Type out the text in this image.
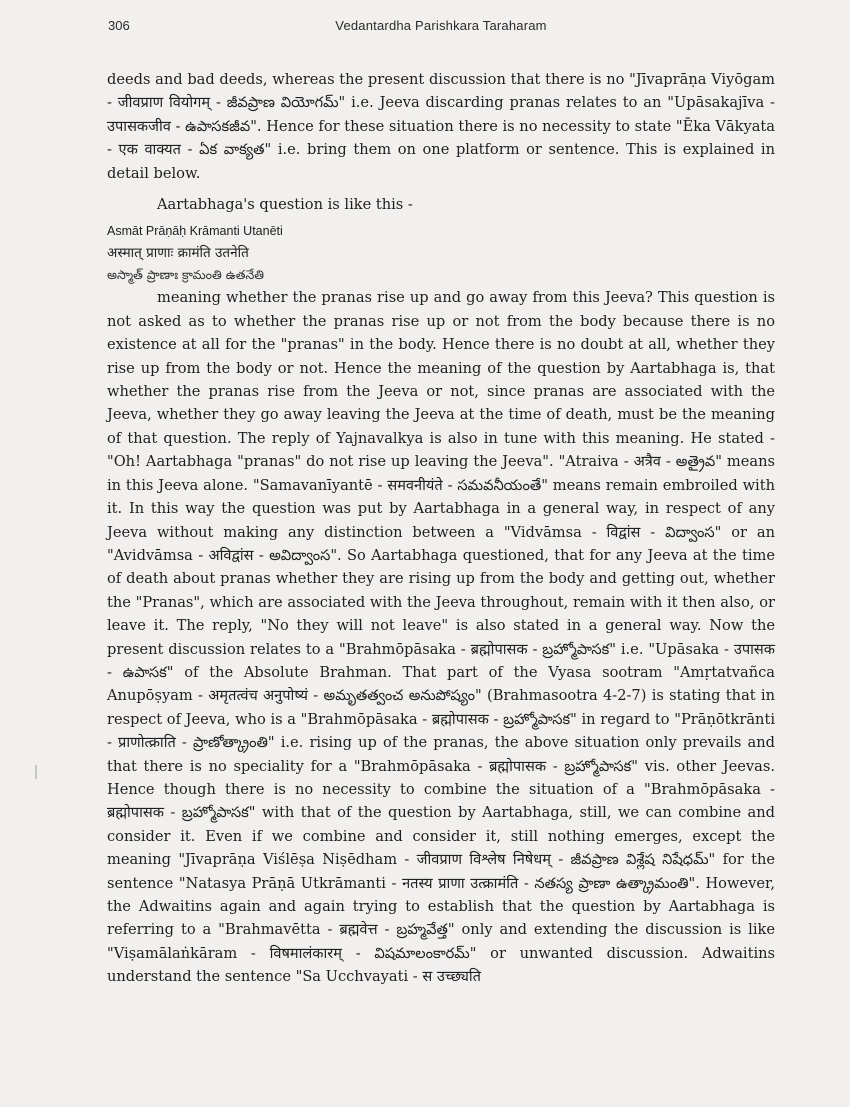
306	Vedantardha Parishkara Taraharam

deeds and bad deeds, whereas the present discussion that there is no "Jīvaprāṇa Viyōgam - जीवप्राण वियोगम् - జీవప్రాణ వియోగమ్" i.e. Jeeva discarding pranas relates to an "Upāsakajīva - उपासकजीव - ఉపాసకజీవ". Hence for these situation there is no necessity to state "Ēka Vākyata - एक वाक्यत - ఏక వాక్యత" i.e. bring them on one platform or sentence. This is explained in detail below.

Aartabhaga's question is like this -

Asmāt Prāṇāḥ Krāmanti Utanēti
अस्मात् प्राणाः क्रामंति उतनेति
అస్మాత్ ప్రాణాః క్రామంతి ఉతనేతి

meaning whether the pranas rise up and go away from this Jeeva? This question is not asked as to whether the pranas rise up or not from the body because there is no existence at all for the "pranas" in the body. Hence there is no doubt at all, whether they rise up from the body or not. Hence the meaning of the question by Aartabhaga is, that whether the pranas rise from the Jeeva or not, since pranas are associated with the Jeeva, whether they go away leaving the Jeeva at the time of death, must be the meaning of that question. The reply of Yajnavalkya is also in tune with this meaning. He stated - "Oh! Aartabhaga "pranas" do not rise up leaving the Jeeva". "Atraiva - अत्रैव - అత్రైవ" means in this Jeeva alone. "Samavanīyantē - समवनीयंते - సమవనీయంతే" means remain embroiled with it. In this way the question was put by Aartabhaga in a general way, in respect of any Jeeva without making any distinction between a "Vidvāmsa - विद्वांस - విద్వాంస" or an "Avidvāmsa - अविद्वांस - అవిద్వాంస". So Aartabhaga questioned, that for any Jeeva at the time of death about pranas whether they are rising up from the body and getting out, whether the "Pranas", which are associated with the Jeeva throughout, remain with it then also, or leave it. The reply, "No they will not leave" is also stated in a general way. Now the present discussion relates to a "Brahmōpāsaka - ब्रह्मोपासक - బ్రహ్మోపాసక" i.e. "Upāsaka - उपासक - ఉపాసక" of the Absolute Brahman. That part of the Vyasa sootram "Amṛtatvañca Anupōṣyam - अमृतत्वंच अनुपोष्यं - అమృతత్వంచ అనుపోష్యం" (Brahmasootra 4-2-7) is stating that in respect of Jeeva, who is a "Brahmōpāsaka - ब्रह्मोपासक - బ్రహ్మోపాసక" in regard to "Prāṇōtkrānti - प्राणोत्क्राति - ప్రాణోత్క్రాంతి" i.e. rising up of the pranas, the above situation only prevails and that there is no speciality for a "Brahmōpāsaka - ब्रह्मोपासक - బ్రహ్మోపాసక" vis. other Jeevas. Hence though there is no necessity to combine the situation of a "Brahmōpāsaka - ब्रह्मोपासक - బ్రహ్మోపాసక" with that of the question by Aartabhaga, still, we can combine and consider it. Even if we combine and consider it, still nothing emerges, except the meaning "Jīvaprāṇa Viślēṣa Niṣēdham - जीवप्राण विश्लेष निषेधम् - జీవప్రాణ విశ్లేష నిషేధమ్" for the sentence "Natasya Prāṇā Utkrāmanti - नतस्य प्राणा उत्क्रामंति - నతస్య ప్రాణా ఉత్క్రామంతి". However, the Adwaitins again and again trying to establish that the question by Aartabhaga is referring to a "Brahmavētta - ब्रह्मवेत्त - బ్రహ్మవేత్త" only and extending the discussion is like "Viṣamālaṅkāram - विषमालंकारम् - విషమాలంకారమ్" or unwanted discussion. Adwaitins understand the sentence "Sa Ucchvayati - स उच्छ्यति
